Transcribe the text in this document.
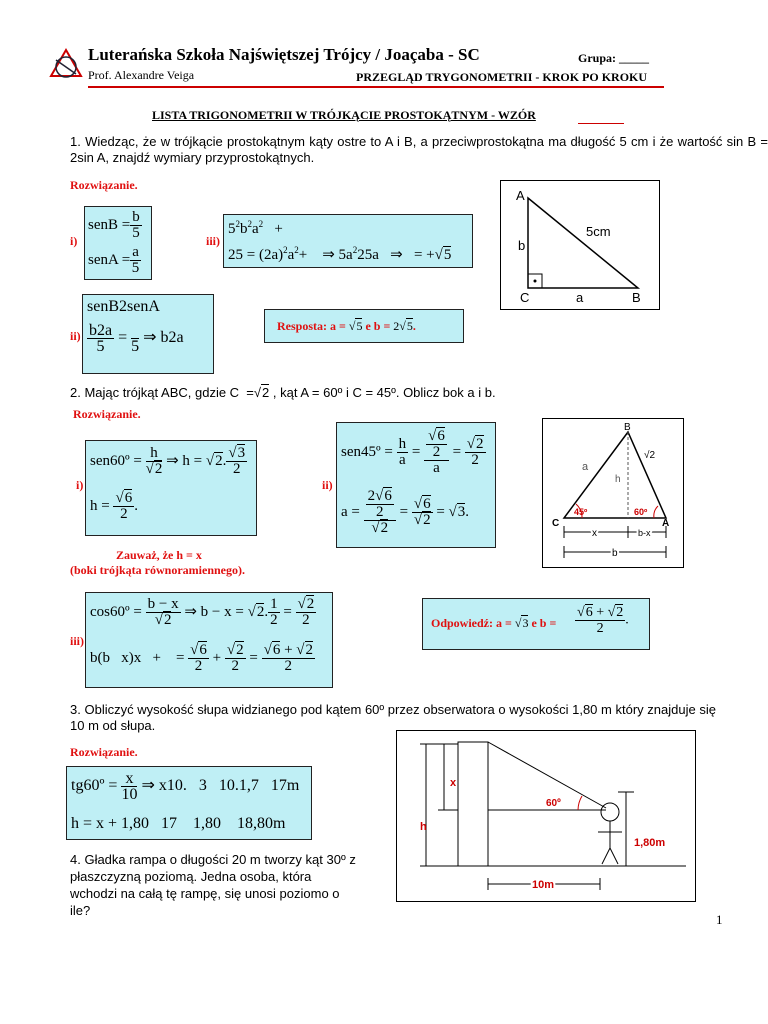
Luterańska Szkoła Najświętszej Trójcy / Joaçaba - SC	Grupa: _____
Prof. Alexandre Veiga	PRZEGLĄD TRYGONOMETRII - KROK PO KROKU
LISTA TRIGONOMETRII W TRÓJKĄCIE PROSTOKĄTNYM - WZÓR
1. Wiedząc, że w trójkącie prostokątnym kąty ostre to A i B, a przeciwprostokątna ma długość 5 cm i że wartość sin B = 2sin A, znajdź wymiary przyprostokątnych.
Rozwiązanie.
i)
senB = $\frac{b}{5}$
senA = $\frac{a}{5}$
iii)
$5^2b^2a^2$   +
$25 = (2a)^2a^2+$    ⇒ $5a^225a$   ⇒   = +√5
ii)
senB2senA
$\frac{b2a}{5}$ =

5
⇒ b2a
Resposta: a = √5 e b = 2√5.
A
b
5cm
C	a	B
2. Mając trójkąt ABC, gdzie C  =√2 , kąt A = 60º i C = 45º. Oblicz bok a i b.
Rozwiązanie.
i)
sen60º = $\frac{h}{√2}$ ⇒ h = √2. $\frac{√3}{2}$
$h = \frac{√6}{2}$ .
ii)
sen45º = $\frac{h}{a} = \frac{\frac{√6}{2}}{a} = \frac{√2}{2}$
$a = \frac{\frac{2√6}{2}}{√2} = \frac{√6}{√2} = √3$.
B
√2
a
h
45º	60º
C	A
x	b-x
b
Zauważ, że h = x
(boki trójkąta równoramiennego).
iii)
cos60º = $\frac{b - x}{√2}$ ⇒ b − x = √2. $\frac{1}{2} = \frac{√2}{2}$
b(b   x)x   +    = $\frac{√6}{2} + \frac{√2}{2} = \frac{√6 + √2}{2}$
Odpowiedź: a = √3 e $b = \frac{√6 + √2}{2}$ .
3. Obliczyć wysokość słupa widzianego pod kątem 60º przez obserwatora o wysokości 1,80 m który znajduje się 10 m od słupa.
Rozwiązanie.
tg60º = $\frac{x}{10}$ ⇒ x10.   3   10.1,7   17m
h = x + 1,80   17    1,80    18,80m
4. Gładka rampa o długości 20 m tworzy kąt 30º z płaszczyzną poziomą. Jedna osoba, która wchodzi na całą tę rampę, się unosi poziomo o ile?
x
h
60º
1,80m
10m
1
